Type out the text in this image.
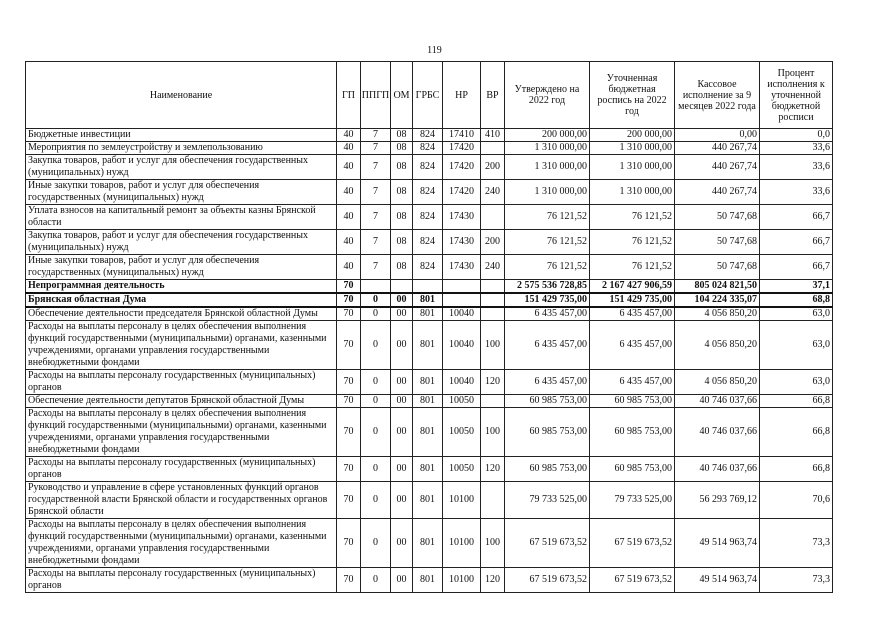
119
Наименование	ГП	ППГП	ОМ	ГРБС	НР	ВР	Утверждено на 2022 год	Уточненная бюджетная роспись на 2022 год	Кассовое исполнение за 9 месяцев 2022 года	Процент исполнения к уточненной бюджетной росписи
Бюджетные инвестиции	40	7	08	824	17410	410	200 000,00	200 000,00	0,00	0,0
Мероприятия по землеустройству и землепользованию	40	7	08	824	17420		1 310 000,00	1 310 000,00	440 267,74	33,6
Закупка товаров, работ и услуг для обеспечения государственных (муниципальных) нужд	40	7	08	824	17420	200	1 310 000,00	1 310 000,00	440 267,74	33,6
Иные закупки товаров, работ и услуг для обеспечения государственных (муниципальных) нужд	40	7	08	824	17420	240	1 310 000,00	1 310 000,00	440 267,74	33,6
Уплата взносов на капитальный ремонт за объекты казны Брянской области	40	7	08	824	17430		76 121,52	76 121,52	50 747,68	66,7
Закупка товаров, работ и услуг для обеспечения государственных (муниципальных) нужд	40	7	08	824	17430	200	76 121,52	76 121,52	50 747,68	66,7
Иные закупки товаров, работ и услуг для обеспечения государственных (муниципальных) нужд	40	7	08	824	17430	240	76 121,52	76 121,52	50 747,68	66,7
Непрограммная деятельность	70						2 575 536 728,85	2 167 427 906,59	805 024 821,50	37,1
Брянская областная Дума	70	0	00	801			151 429 735,00	151 429 735,00	104 224 335,07	68,8
Обеспечение деятельности председателя Брянской областной Думы	70	0	00	801	10040		6 435 457,00	6 435 457,00	4 056 850,20	63,0
Расходы на выплаты персоналу в целях обеспечения выполнения функций государственными (муниципальными) органами, казенными учреждениями, органами управления государственными внебюджетными фондами	70	0	00	801	10040	100	6 435 457,00	6 435 457,00	4 056 850,20	63,0
Расходы на выплаты персоналу государственных (муниципальных) органов	70	0	00	801	10040	120	6 435 457,00	6 435 457,00	4 056 850,20	63,0
Обеспечение деятельности депутатов Брянской областной Думы	70	0	00	801	10050		60 985 753,00	60 985 753,00	40 746 037,66	66,8
Расходы на выплаты персоналу в целях обеспечения выполнения функций государственными (муниципальными) органами, казенными учреждениями, органами управления государственными внебюджетными фондами	70	0	00	801	10050	100	60 985 753,00	60 985 753,00	40 746 037,66	66,8
Расходы на выплаты персоналу государственных (муниципальных) органов	70	0	00	801	10050	120	60 985 753,00	60 985 753,00	40 746 037,66	66,8
Руководство и управление в сфере установленных функций органов государственной власти Брянской области и государственных органов Брянской области	70	0	00	801	10100		79 733 525,00	79 733 525,00	56 293 769,12	70,6
Расходы на выплаты персоналу в целях обеспечения выполнения функций государственными (муниципальными) органами, казенными учреждениями, органами управления государственными внебюджетными фондами	70	0	00	801	10100	100	67 519 673,52	67 519 673,52	49 514 963,74	73,3
Расходы на выплаты персоналу государственных (муниципальных) органов	70	0	00	801	10100	120	67 519 673,52	67 519 673,52	49 514 963,74	73,3
